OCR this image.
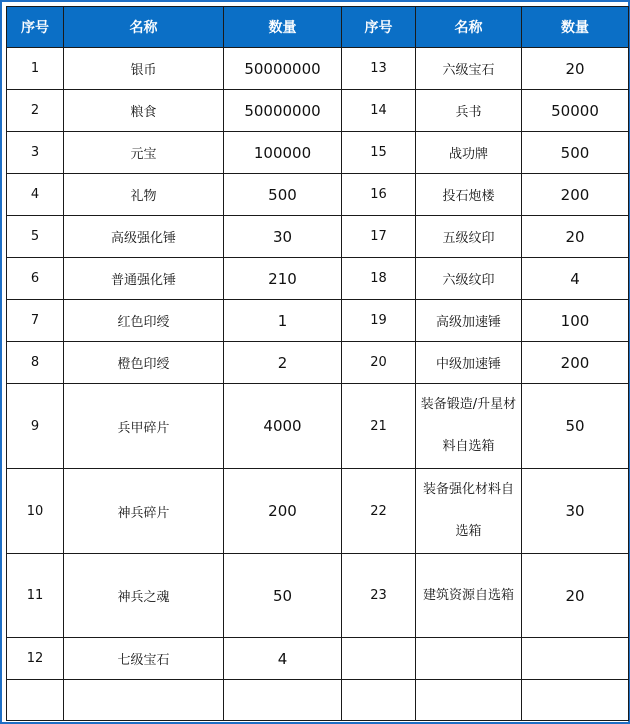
序号	名称	数量	序号	名称	数量
1	银币	50000000	13	六级宝石	20
2	粮食	50000000	14	兵书	50000
3	元宝	100000	15	战功牌	500
4	礼物	500	16	投石炮楼	200
5	高级强化锤	30	17	五级纹印	20
6	普通强化锤	210	18	六级纹印	4
7	红色印绶	1	19	高级加速锤	100
8	橙色印绶	2	20	中级加速锤	200
9	兵甲碎片	4000	21	装备锻造/升星材料自选箱	50
10	神兵碎片	200	22	装备强化材料自选箱	30
11	神兵之魂	50	23	建筑资源自选箱	20
12	七级宝石	4			
